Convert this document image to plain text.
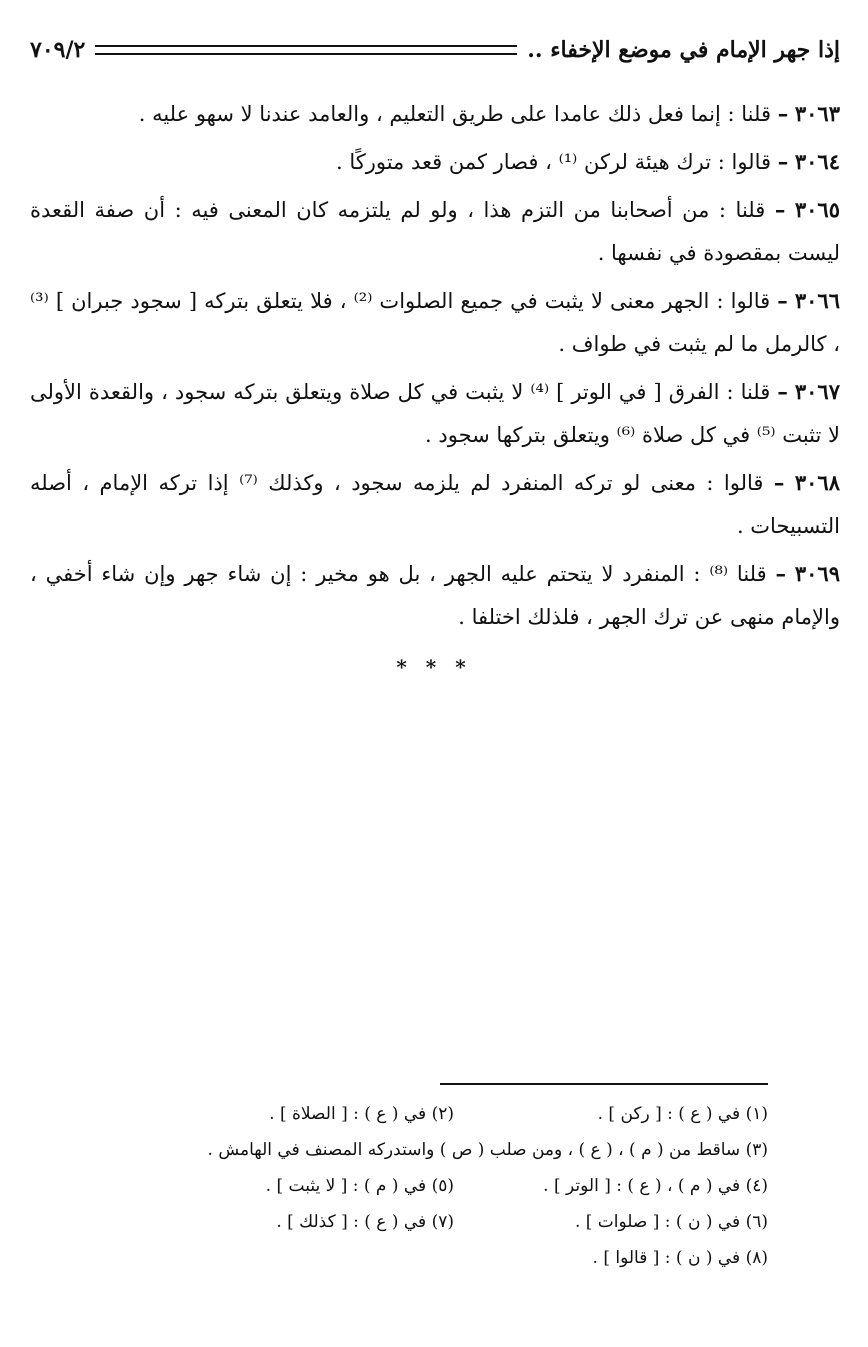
إذا جهر الإمام في موضع الإخفاء ..
٧٠٩/٢

٣٠٦٣ – قلنا : إنما فعل ذلك عامدا على طريق التعليم ، والعامد عندنا لا سهو عليه .

٣٠٦٤ – قالوا : ترك هيئة لركن ⁽¹⁾ ، فصار كمن قعد متوركًا .

٣٠٦٥ – قلنا : من أصحابنا من التزم هذا ، ولو لم يلتزمه كان المعنى فيه : أن صفة القعدة ليست بمقصودة في نفسها .

٣٠٦٦ – قالوا : الجهر معنى لا يثبت في جميع الصلوات ⁽²⁾ ، فلا يتعلق بتركه [ سجود جبران ] ⁽³⁾ ، كالرمل ما لم يثبت في طواف .

٣٠٦٧ – قلنا : الفرق [ في الوتر ] ⁽⁴⁾ لا يثبت في كل صلاة ويتعلق بتركه سجود ، والقعدة الأولى لا تثبت ⁽⁵⁾ في كل صلاة ⁽⁶⁾ ويتعلق بتركها سجود .

٣٠٦٨ – قالوا : معنى لو تركه المنفرد لم يلزمه سجود ، وكذلك ⁽⁷⁾ إذا تركه الإمام ، أصله التسبيحات .

٣٠٦٩ – قلنا ⁽⁸⁾ : المنفرد لا يتحتم عليه الجهر ، بل هو مخير : إن شاء جهر وإن شاء أخفي ، والإمام منهى عن ترك الجهر ، فلذلك اختلفا .

* * *
(١) في ( ع ) : [ ركن ] .
(٢) في ( ع ) : [ الصلاة ] .
(٣) ساقط من ( م ) ، ( ع ) ، ومن صلب ( ص ) واستدركه المصنف في الهامش .
(٤) في ( م ) ، ( ع ) : [ الوتر ] .
(٥) في ( م ) : [ لا يثبت ] .
(٦) في ( ن ) : [ صلوات ] .
(٧) في ( ع ) : [ كذلك ] .
(٨) في ( ن ) : [ قالوا ] .
